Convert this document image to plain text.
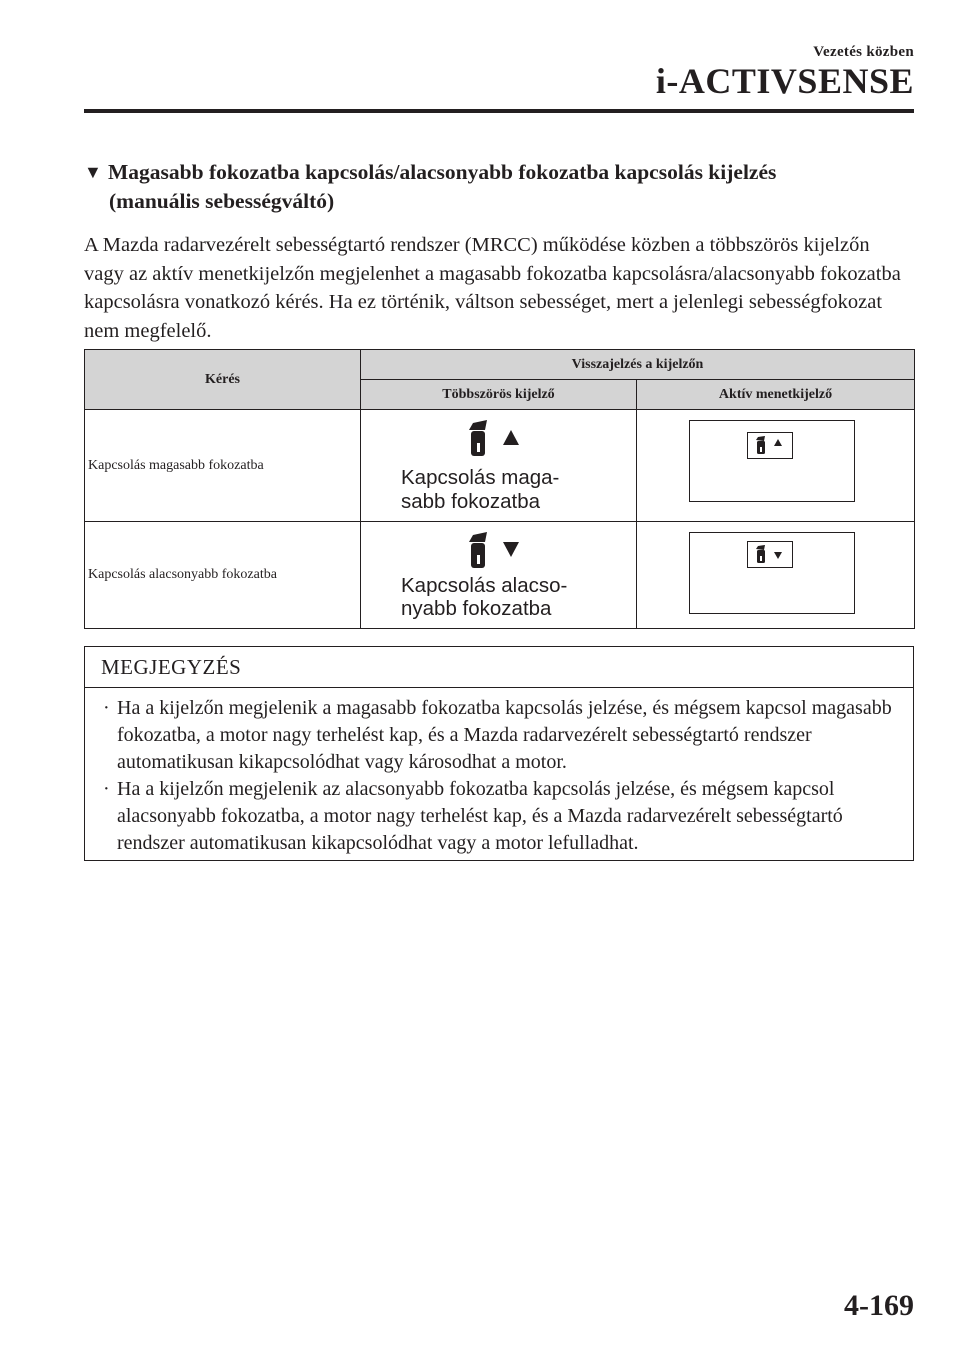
Vezetés közben
i-ACTIVSENSE
▼ Magasabb fokozatba kapcsolás/alacsonyabb fokozatba kapcsolás kijelzés
(manuális sebességváltó)

A Mazda radarvezérelt sebességtartó rendszer (MRCC) működése közben a többszörös kijelzőn vagy az aktív menetkijelzőn megjelenhet a magasabb fokozatba kapcsolásra/alacsonyabb fokozatba kapcsolásra vonatkozó kérés. Ha ez történik, váltson sebességet, mert a jelenlegi sebességfokozat nem megfelelő.

Kérés	Visszajelzés a kijelzőn	
	Többszörös kijelző	Aktív menetkijelző
Kapcsolás magasabb fokozatba	Kapcsolás maga-
sabb fokozatba

Kapcsolás alacsonyabb fokozatba	Kapcsolás alacso-
nyabb fokozatba

MEGJEGYZÉS
· Ha a kijelzőn megjelenik a magasabb fokozatba kapcsolás jelzése, és mégsem kapcsol magasabb fokozatba, a motor nagy terhelést kap, és a Mazda radarvezérelt sebességtartó rendszer automatikusan kikapcsolódhat vagy károsodhat a motor.
· Ha a kijelzőn megjelenik az alacsonyabb fokozatba kapcsolás jelzése, és mégsem kapcsol alacsonyabb fokozatba, a motor nagy terhelést kap, és a Mazda radarvezérelt sebességtartó rendszer automatikusan kikapcsolódhat vagy a motor lefulladhat.
4-169
